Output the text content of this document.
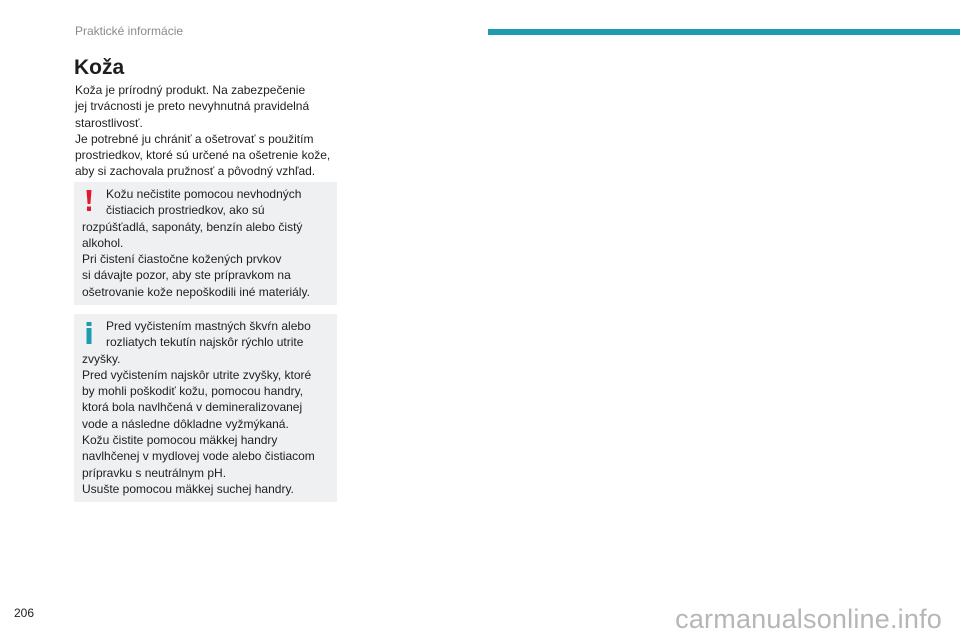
Praktické informácie
Koža

Koža je prírodný produkt. Na zabezpečenie
jej trvácnosti je preto nevyhnutná pravidelná
starostlivosť.
Je potrebné ju chrániť a ošetrovať s použitím
prostriedkov, ktoré sú určené na ošetrenie kože,
aby si zachovala pružnosť a pôvodný vzhľad.

Kožu nečistite pomocou nevhodných
čistiacich prostriedkov, ako sú
rozpúšťadlá, saponáty, benzín alebo čistý
alkohol.
Pri čistení čiastočne kožených prvkov
si dávajte pozor, aby ste prípravkom na
ošetrovanie kože nepoškodili iné materiály.
Pred vyčistením mastných škvŕn alebo
rozliatych tekutín najskôr rýchlo utrite
zvyšky.
Pred vyčistením najskôr utrite zvyšky, ktoré
by mohli poškodiť kožu, pomocou handry,
ktorá bola navlhčená v demineralizovanej
vode a následne dôkladne vyžmýkaná.
Kožu čistite pomocou mäkkej handry
navlhčenej v mydlovej vode alebo čistiacom
prípravku s neutrálnym pH.
Usušte pomocou mäkkej suchej handry.
206	carmanualsonline.info
